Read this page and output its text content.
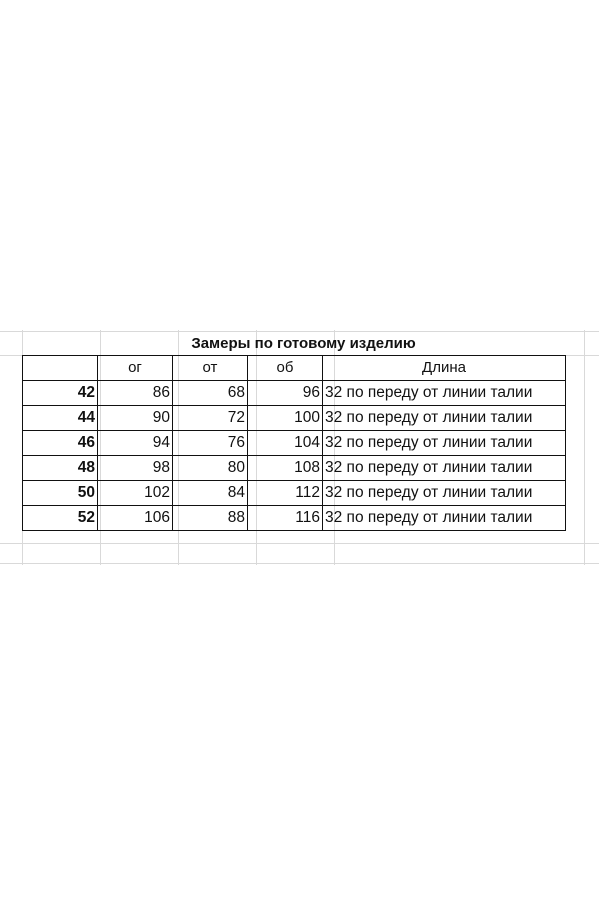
Замеры по готовому изделию
	ог	от	об	Длина
42	86	68	96	32 по переду от линии талии
44	90	72	100	32 по переду от линии талии
46	94	76	104	32 по переду от линии талии
48	98	80	108	32 по переду от линии талии
50	102	84	112	32 по переду от линии талии
52	106	88	116	32 по переду от линии талии
